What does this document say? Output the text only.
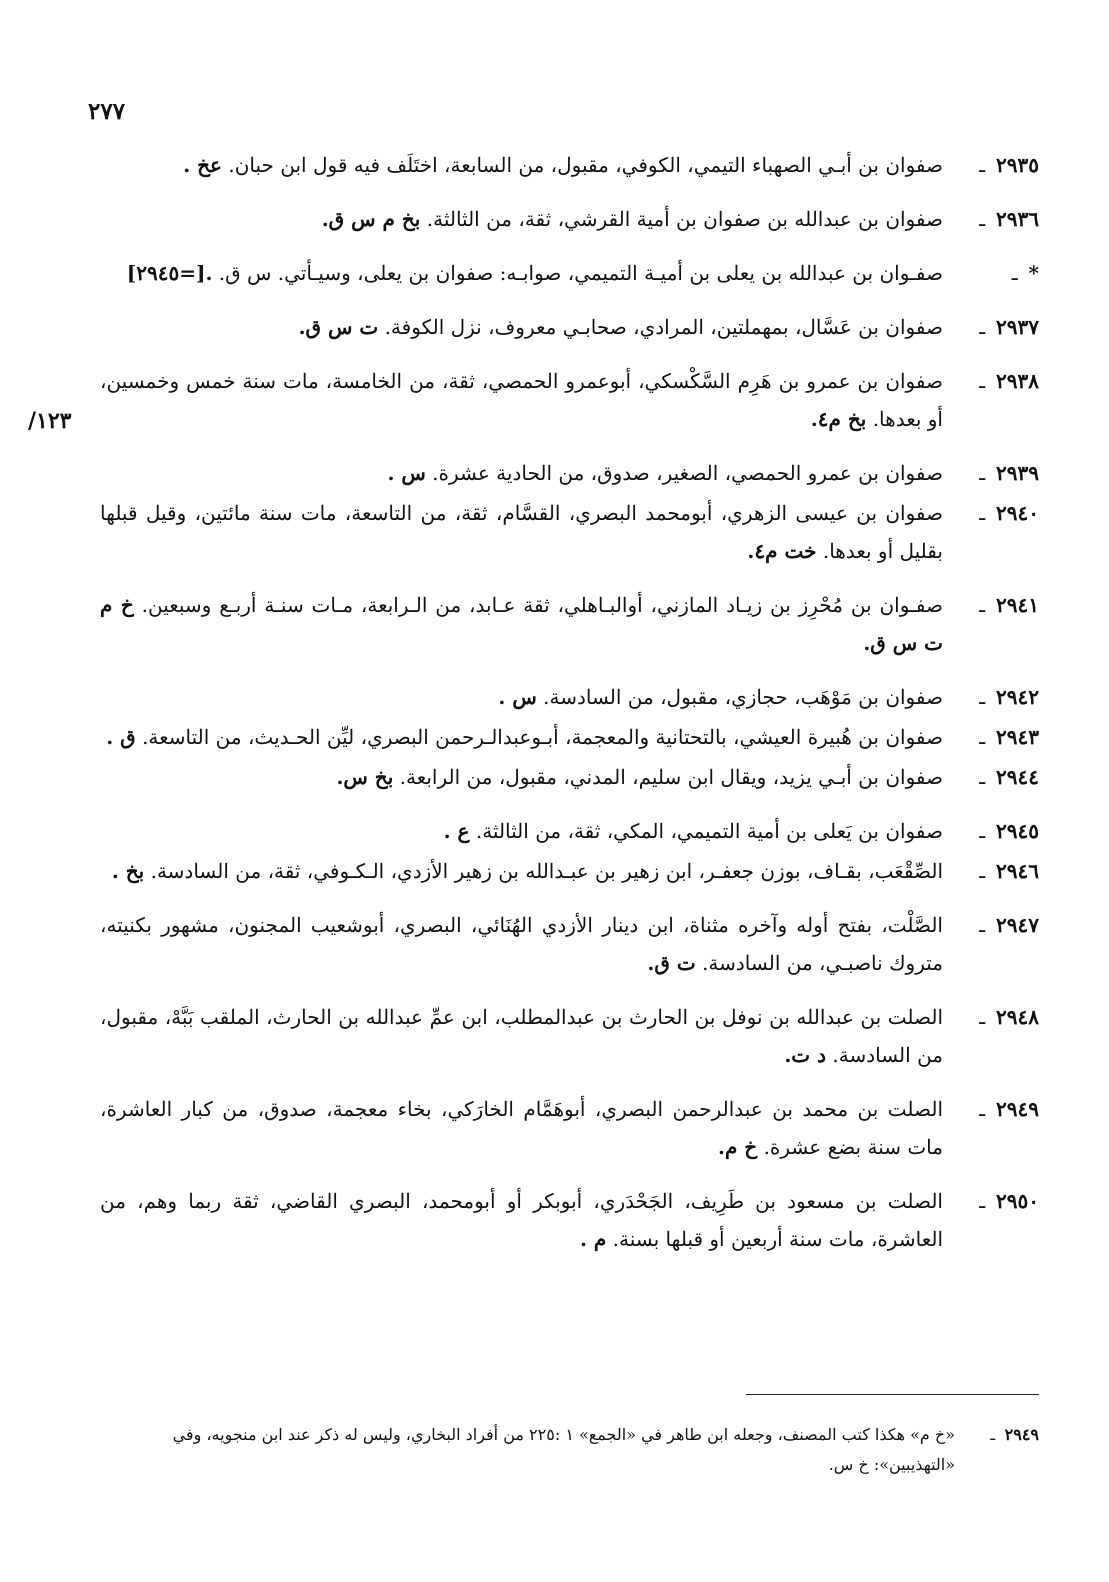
٢٧٧
١٢٣/
٢٩٣٥ ـ
صفوان بن أبـي الصهباء التيمي، الكوفي، مقبول، من السابعة، اختَلَف فيه قول ابن حبان. عخ .
٢٩٣٦ ـ
صفوان بن عبدالله بن صفوان بن أمية القرشي، ثقة، من الثالثة. بخ م س ق.
* ـ
صفـوان بن عبدالله بن يعلى بن أميـة التميمي، صوابـه: صفوان بن يعلى، وسيـأتي. س ق. .[=٢٩٤٥]
٢٩٣٧ ـ
صفوان بن عَسَّال، بمهملتين، المرادي، صحابـي معروف، نزل الكوفة. ت س ق.
٢٩٣٨ ـ
صفوان بن عمرو بن هَرِم السَّكْسكي، أبوعمرو الحمصي، ثقة، من الخامسة، مات سنة خمس وخمسين، أو بعدها. بخ م٤.
٢٩٣٩ ـ
صفوان بن عمرو الحمصي، الصغير، صدوق، من الحادية عشرة. س .
٢٩٤٠ ـ
صفوان بن عيسى الزهري، أبومحمد البصري، القسَّام، ثقة، من التاسعة، مات سنة مائتين، وقيل قبلها بقليل أو بعدها. خت م٤.
٢٩٤١ ـ
صفـوان بن مُحْرِز بن زيـاد المازني، أوالبـاهلي، ثقة عـابد، من الـرابعة، مـات سنـة أربـع وسبعين. خ م ت س ق.
٢٩٤٢ ـ
صفوان بن مَوْهَب، حجازي، مقبول، من السادسة. س .
٢٩٤٣ ـ
صفوان بن هُبيرة العيشي، بالتحتانية والمعجمة، أبـوعبدالـرحمن البصري، ليِّن الحـديث، من التاسعة. ق .
٢٩٤٤ ـ
صفوان بن أبـي يزيد، ويقال ابن سليم، المدني، مقبول، من الرابعة. بخ س.
٢٩٤٥ ـ
صفوان بن يَعلى بن أمية التميمي، المكي، ثقة، من الثالثة. ع .
٢٩٤٦ ـ
الصِّقْعَب، بقـاف، بوزن جعفـر، ابن زهير بن عبـدالله بن زهير الأزدي، الـكـوفي، ثقة، من السادسة. بخ .
٢٩٤٧ ـ
الصَّلْت، بفتح أوله وآخره مثناة، ابن دينار الأزدي الهُنَائي، البصري، أبوشعيب المجنون، مشهور بكنيته، متروك ناصبـي، من السادسة. ت ق.
٢٩٤٨ ـ
الصلت بن عبدالله بن نوفل بن الحارث بن عبدالمطلب، ابن عمِّ عبدالله بن الحارث، الملقب بَبَّهْ، مقبول، من السادسة. د ت.
٢٩٤٩ ـ
الصلت بن محمد بن عبدالرحمن البصري، أبوهَمَّام الخارَكي، بخاء معجمة، صدوق، من كبار العاشرة، مات سنة بضع عشرة. خ م.
٢٩٥٠ ـ
الصلت بن مسعود بن طَرِيف، الجَحْدَري، أبوبكر أو أبومحمد، البصري القاضي، ثقة ربما وهم، من العاشرة، مات سنة أربعين أو قبلها بسنة. م .
٢٩٤٩ ـ
«خ م» هكذا كتب المصنف، وجعله ابن طاهر في «الجمع» ١ :٢٢٥ من أفراد البخاري، وليس له ذكر عند ابن منجويه، وفي «التهذيبين»: خ س.
